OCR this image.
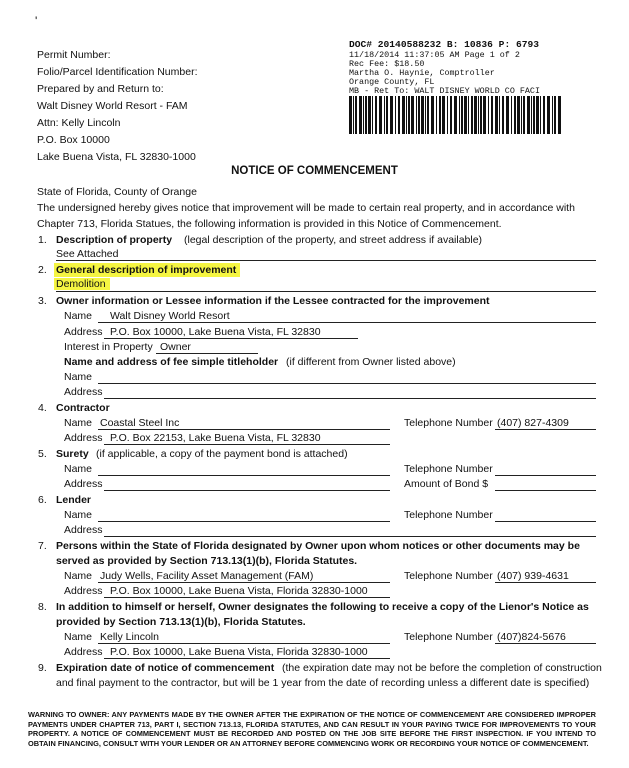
'
Permit Number:
Folio/Parcel Identification Number:
Prepared by and Return to:
Walt Disney World Resort - FAM
Attn: Kelly Lincoln
P.O. Box 10000
Lake Buena Vista, FL 32830-1000
DOC# 20140588232 B: 10836 P: 6793
11/18/2014 11:37:05 AM Page 1 of 2
Rec Fee: $18.50
Martha O. Haynie, Comptroller
Orange County, FL
MB - Ret To: WALT DISNEY WORLD CO FACI
NOTICE OF COMMENCEMENT
State of Florida, County of Orange
The undersigned hereby gives notice that improvement will be made to certain real property, and in accordance with
Chapter 713, Florida Statues, the following information is provided in this Notice of Commencement.
1. Description of property (legal description of the property, and street address if available)
See Attached
2. General description of improvement
Demolition
3. Owner information or Lessee information if the Lessee contracted for the improvement
Name Walt Disney World Resort
Address P.O. Box 10000, Lake Buena Vista, FL 32830
Interest in Property Owner
Name and address of fee simple titleholder (if different from Owner listed above)
Name
Address
4. Contractor
Name Coastal Steel Inc	Telephone Number (407) 827-4309
Address P.O. Box 22153, Lake Buena Vista, FL 32830
5. Surety (if applicable, a copy of the payment bond is attached)
Name	Telephone Number
Address	Amount of Bond $
6. Lender
Name	Telephone Number
Address
7. Persons within the State of Florida designated by Owner upon whom notices or other documents may be
served as provided by Section 713.13(1)(b), Florida Statutes.
Name Judy Wells, Facility Asset Management (FAM)	Telephone Number (407) 939-4631
Address P.O. Box 10000, Lake Buena Vista, Florida 32830-1000
8. In addition to himself or herself, Owner designates the following to receive a copy of the Lienor's Notice as
provided by Section 713.13(1)(b), Florida Statutes.
Name Kelly Lincoln	Telephone Number (407)824-5676
Address P.O. Box 10000, Lake Buena Vista, Florida 32830-1000
9. Expiration date of notice of commencement (the expiration date may not be before the completion of construction
and final payment to the contractor, but will be 1 year from the date of recording unless a different date is specified)
WARNING TO OWNER: ANY PAYMENTS MADE BY THE OWNER AFTER THE EXPIRATION OF THE NOTICE OF COMMENCEMENT ARE CONSIDERED IMPROPER PAYMENTS UNDER CHAPTER 713, PART I, SECTION 713.13, FLORIDA STATUTES, AND CAN RESULT IN YOUR PAYING TWICE FOR IMPROVEMENTS TO YOUR PROPERTY. A NOTICE OF COMMENCEMENT MUST BE RECORDED AND POSTED ON THE JOB SITE BEFORE THE FIRST INSPECTION. IF YOU INTEND TO OBTAIN FINANCING, CONSULT WITH YOUR LENDER OR AN ATTORNEY BEFORE COMMENCING WORK OR RECORDING YOUR NOTICE OF COMMENCEMENT.
